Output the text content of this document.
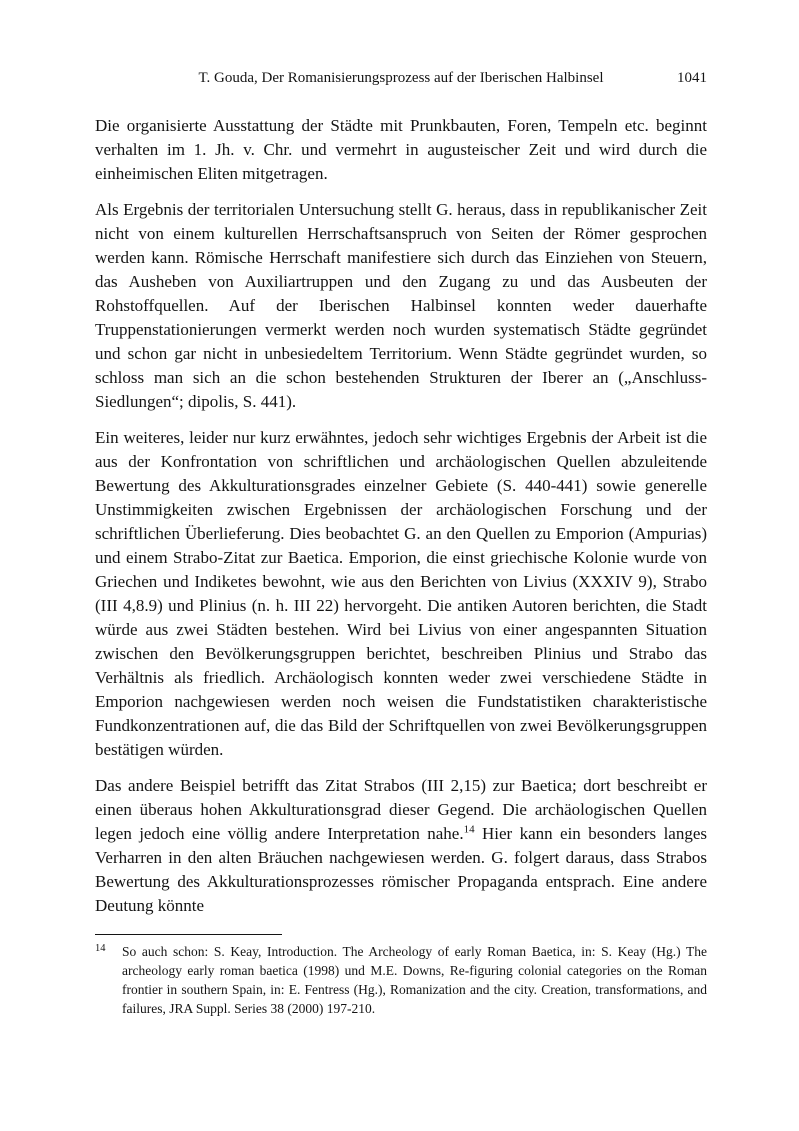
T. Gouda, Der Romanisierungsprozess auf der Iberischen Halbinsel	1041

Die organisierte Ausstattung der Städte mit Prunkbauten, Foren, Tempeln etc. beginnt verhalten im 1. Jh. v. Chr. und vermehrt in augusteischer Zeit und wird durch die einheimischen Eliten mitgetragen.

Als Ergebnis der territorialen Untersuchung stellt G. heraus, dass in republikanischer Zeit nicht von einem kulturellen Herrschaftsanspruch von Seiten der Römer gesprochen werden kann. Römische Herrschaft manifestiere sich durch das Einziehen von Steuern, das Ausheben von Auxiliartruppen und den Zugang zu und das Ausbeuten der Rohstoffquellen. Auf der Iberischen Halbinsel konnten weder dauerhafte Truppenstationierungen vermerkt werden noch wurden systematisch Städte gegründet und schon gar nicht in unbesiedeltem Territorium. Wenn Städte gegründet wurden, so schloss man sich an die schon bestehenden Strukturen der Iberer an („Anschluss-Siedlungen“; dipolis, S. 441).

Ein weiteres, leider nur kurz erwähntes, jedoch sehr wichtiges Ergebnis der Arbeit ist die aus der Konfrontation von schriftlichen und archäologischen Quellen abzuleitende Bewertung des Akkulturationsgrades einzelner Gebiete (S. 440-441) sowie generelle Unstimmigkeiten zwischen Ergebnissen der archäologischen Forschung und der schriftlichen Überlieferung. Dies beobachtet G. an den Quellen zu Emporion (Ampurias) und einem Strabo-Zitat zur Baetica. Emporion, die einst griechische Kolonie wurde von Griechen und Indiketes bewohnt, wie aus den Berichten von Livius (XXXIV 9), Strabo (III 4,8.9) und Plinius (n. h. III 22) hervorgeht. Die antiken Autoren berichten, die Stadt würde aus zwei Städten bestehen. Wird bei Livius von einer angespannten Situation zwischen den Bevölkerungsgruppen berichtet, beschreiben Plinius und Strabo das Verhältnis als friedlich. Archäologisch konnten weder zwei verschiedene Städte in Emporion nachgewiesen werden noch weisen die Fundstatistiken charakteristische Fundkonzentrationen auf, die das Bild der Schriftquellen von zwei Bevölkerungsgruppen bestätigen würden.

Das andere Beispiel betrifft das Zitat Strabos (III 2,15) zur Baetica; dort beschreibt er einen überaus hohen Akkulturationsgrad dieser Gegend. Die archäologischen Quellen legen jedoch eine völlig andere Interpretation nahe.$^{14}$ Hier kann ein besonders langes Verharren in den alten Bräuchen nachgewiesen werden. G. folgert daraus, dass Strabos Bewertung des Akkulturationsprozesses römischer Propaganda entsprach. Eine andere Deutung könnte

14 So auch schon: S. Keay, Introduction. The Archeology of early Roman Baetica, in: S. Keay (Hg.) The archeology early roman baetica (1998) und M.E. Downs, Re-figuring colonial categories on the Roman frontier in southern Spain, in: E. Fentress (Hg.), Romanization and the city. Creation, transformations, and failures, JRA Suppl. Series 38 (2000) 197-210.
